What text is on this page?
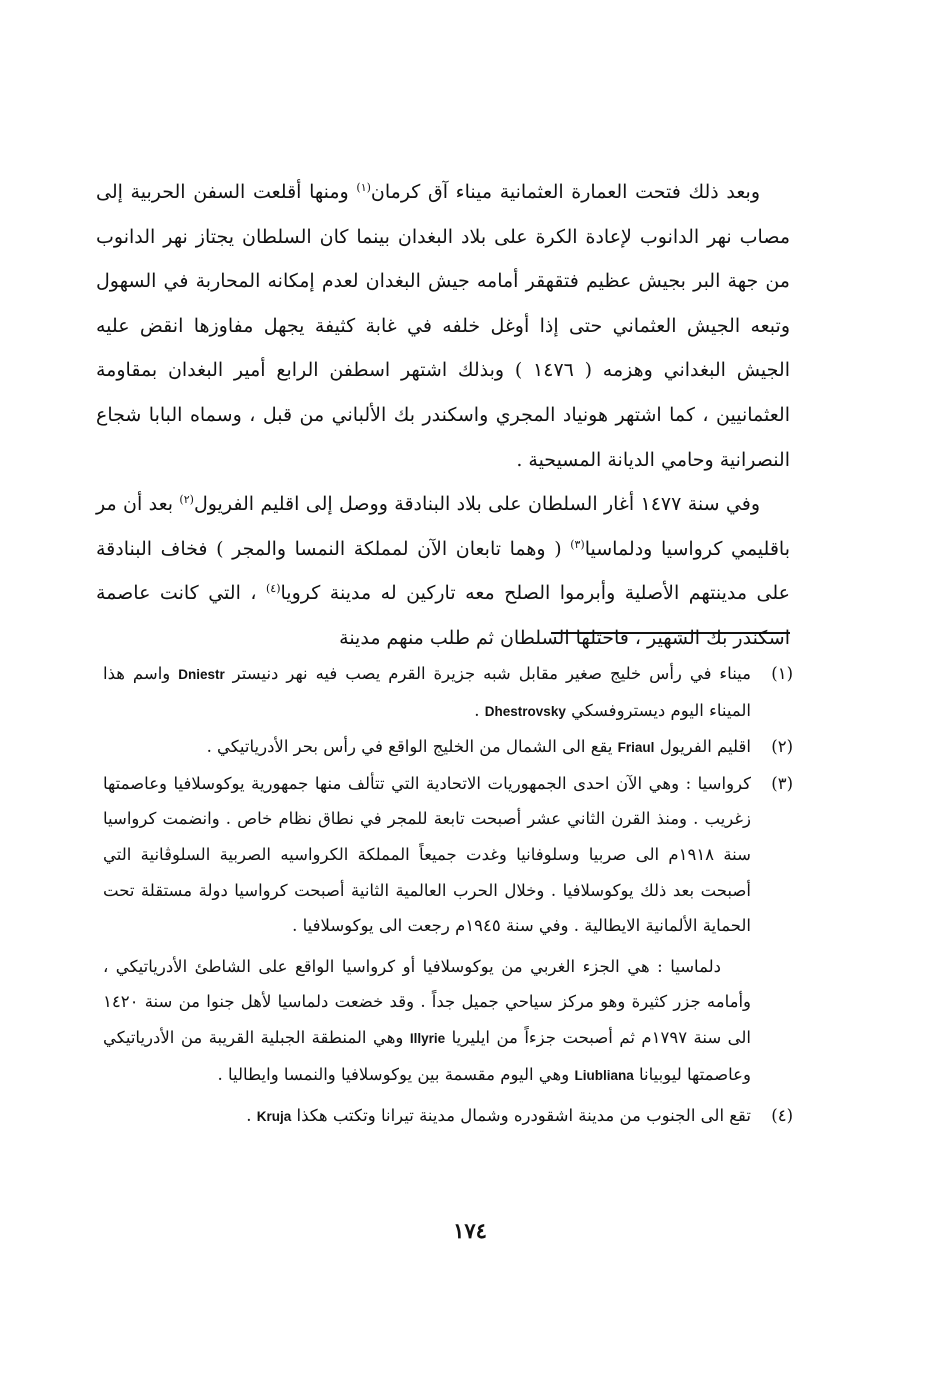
وبعد ذلك فتحت العمارة العثمانية ميناء آق كرمان$^{(١)}$ ومنها أقلعت السفن الحربية إلى مصاب نهر الدانوب لإعادة الكرة على بلاد البغدان بينما كان السلطان يجتاز نهر الدانوب من جهة البر بجيش عظيم فتقهقر أمامه جيش البغدان لعدم إمكانه المحاربة في السهول وتبعه الجيش العثماني حتى إذا أوغل خلفه في غابة كثيفة يجهل مفاوزها انقض عليه الجيش البغداني وهزمه ( ١٤٧٦ ) وبذلك اشتهر اسطفن الرابع أمير البغدان بمقاومة العثمانيين ، كما اشتهر هونياد المجري واسكندر بك الألباني من قبل ، وسماه البابا شجاع النصرانية وحامي الديانة المسيحية .

وفي سنة ١٤٧٧ أغار السلطان على بلاد البنادقة ووصل إلى اقليم الفريول$^{(٢)}$ بعد أن مر باقليمي كرواسيا ودلماسيا$^{(٣)}$ ( وهما تابعان الآن لمملكة النمسا والمجر ) فخاف البنادقة على مدينتهم الأصلية وأبرموا الصلح معه تاركين له مدينة كرويا$^{(٤)}$ ، التي كانت عاصمة اسكندر بك الشهير ، فاحتلها السلطان ثم طلب منهم مدينة

(١)
ميناء في رأس خليج صغير مقابل شبه جزيرة القرم يصب فيه نهر دنيستر Dniestr واسم هذا الميناء اليوم ديستروفسكي Dhestrovsky .
(٢)
اقليم الفريول Friaul يقع الى الشمال من الخليج الواقع في رأس بحر الأدرياتيكي .
(٣)
كرواسيا : وهي الآن احدى الجمهوريات الاتحادية التي تتألف منها جمهورية يوكوسلافيا وعاصمتها زغريب . ومنذ القرن الثاني عشر أصبحت تابعة للمجر في نطاق نظام خاص . وانضمت كرواسيا سنة ١٩١٨م الى صربيا وسلوفانيا وغدت جميعاً المملكة الكرواسيه الصربية السلوڤانية التي أصبحت بعد ذلك يوكوسلافيا . وخلال الحرب العالمية الثانية أصبحت كرواسيا دولة مستقلة تحت الحماية الألمانية الايطالية . وفي سنة ١٩٤٥م رجعت الى يوكوسلافيا .
دلماسيا : هي الجزء الغربي من يوكوسلافيا أو كرواسيا الواقع على الشاطئ الأدرياتيكي ، وأمامه جزر كثيرة وهو مركز سياحي جميل جداً . وقد خضعت دلماسيا لأهل جنوا من سنة ١٤٢٠ الى سنة ١٧٩٧م ثم أصبحت جزءاً من ايليريا Illyrie وهي المنطقة الجبلية القريبة من الأدرياتيكي وعاصمتها ليوبيانا Liubliana وهي اليوم مقسمة بين يوكوسلافيا والنمسا وايطاليا .
(٤)
تقع الى الجنوب من مدينة اشقودره وشمال مدينة تيرانا وتكتب هكذا Kruja .
١٧٤
